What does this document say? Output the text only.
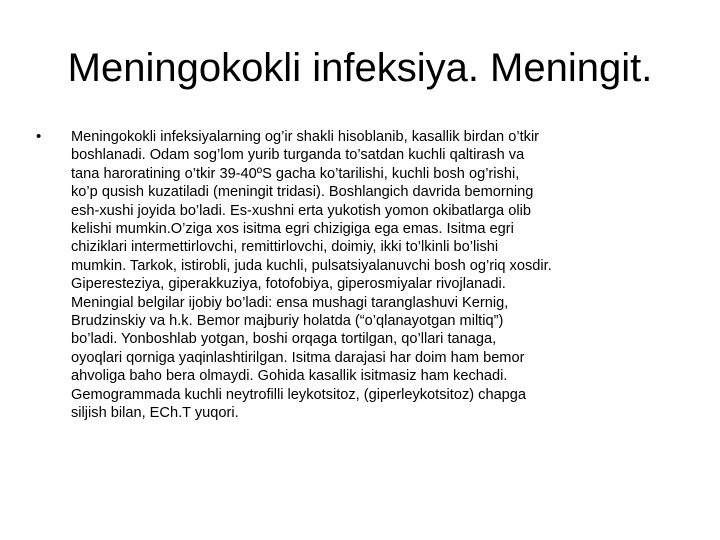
Meningokokli infeksiya. Meningit.
• Meningokokli infeksiyalarning og’ir shakli hisoblanib, kasallik birdan o’tkir
boshlanadi. Odam sog’lom yurib turganda to’satdan kuchli qaltirash va
tana haroratining o’tkir 39-40ºS gacha ko’tarilishi, kuchli bosh og’rishi,
ko’p qusish kuzatiladi (meningit tridasi). Boshlangich davrida bemorning
esh-xushi joyida bo’ladi. Es-xushni erta yukotish yomon okibatlarga olib
kelishi mumkin.O’ziga xos isitma egri chizigiga ega emas. Isitma egri
chiziklari intermettirlovchi, remittirlovchi, doimiy, ikki to’lkinli bo’lishi
mumkin. Tarkok, istirobli, juda kuchli, pulsatsiyalanuvchi bosh og’riq xosdir.
Giperesteziya, giperakkuziya, fotofobiya, giperosmiyalar rivojlanadi.
Meningial belgilar ijobiy bo’ladi: ensa mushagi taranglashuvi Kernig,
Brudzinskiy va h.k. Bemor majburiy holatda (“o’qlanayotgan miltiq”)
bo’ladi. Yonboshlab yotgan, boshi orqaga tortilgan, qo’llari tanaga,
oyoqlari qorniga yaqinlashtirilgan. Isitma darajasi har doim ham bemor
ahvoliga baho bera olmaydi. Gohida kasallik isitmasiz ham kechadi.
Gemogrammada kuchli neytrofilli leykotsitoz, (giperleykotsitoz) chapga
siljish bilan, ECh.T yuqori.
